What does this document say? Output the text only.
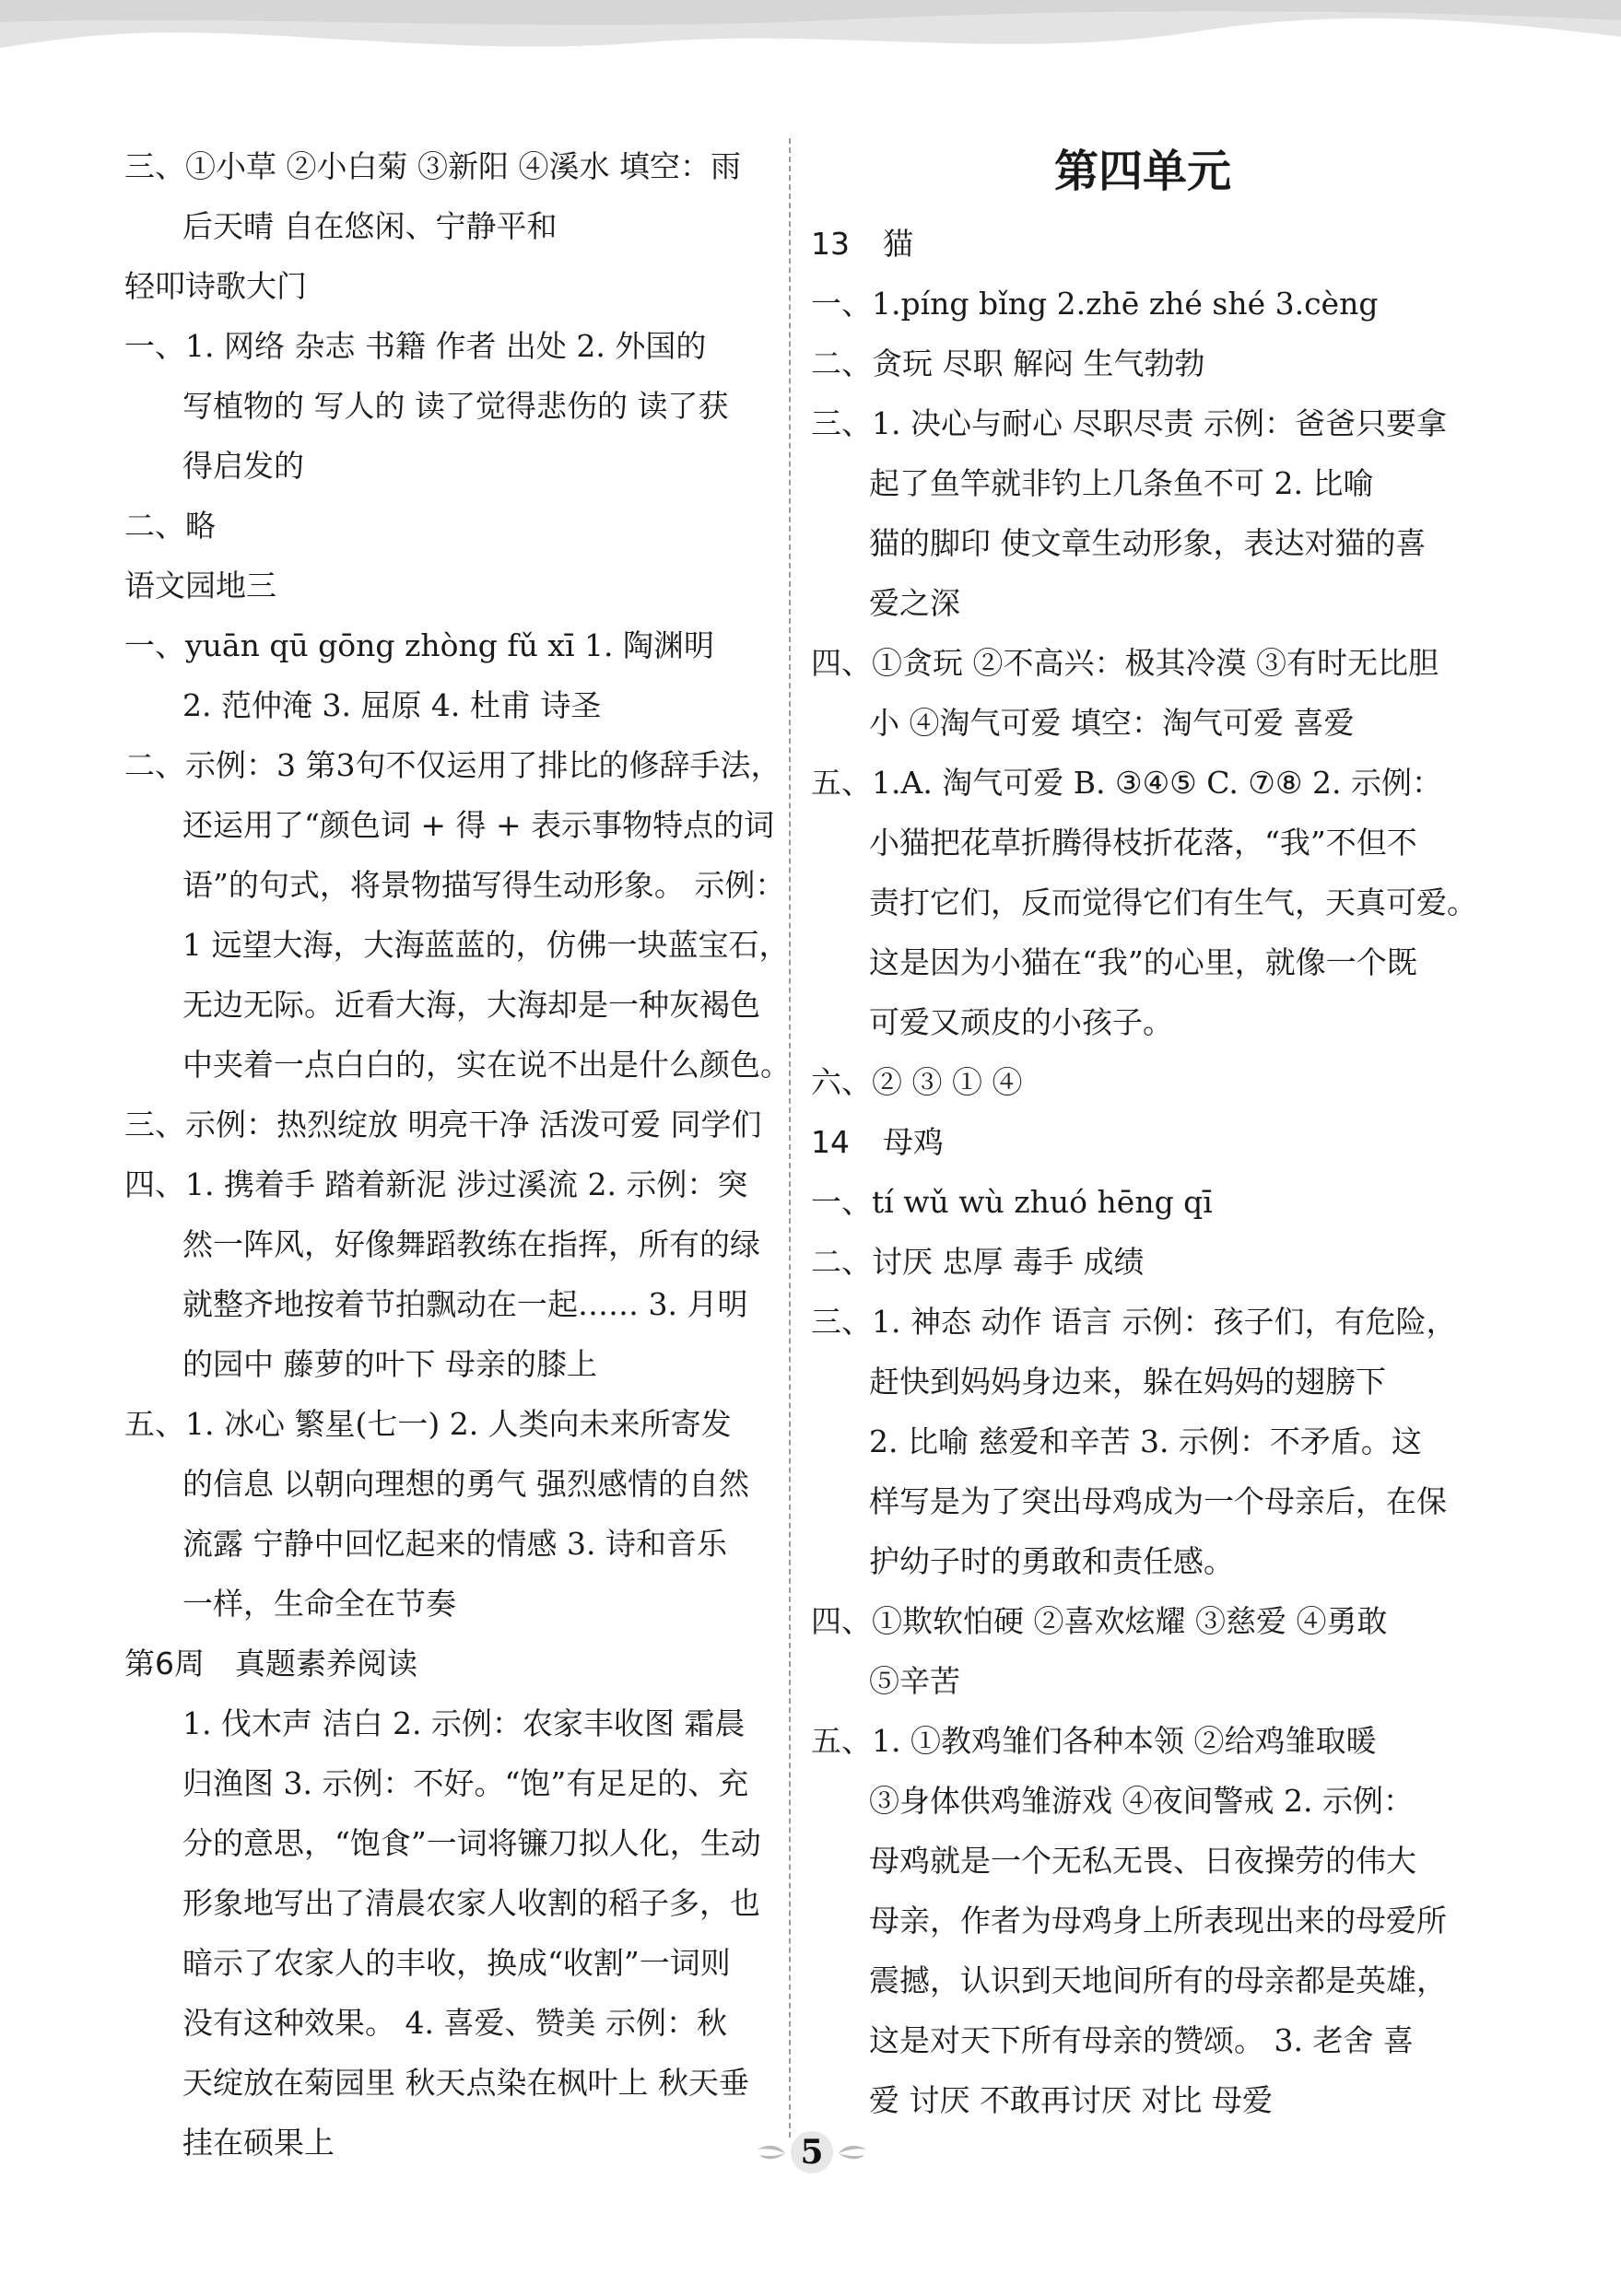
三、①小草 ②小白菊 ③新阳 ④溪水 填空：雨
后天晴 自在悠闲、宁静平和
轻叩诗歌大门
一、1. 网络 杂志 书籍 作者 出处 2. 外国的
写植物的 写人的 读了觉得悲伤的 读了获
得启发的
二、略
语文园地三
一、yuān qū gōng zhòng fǔ xī 1. 陶渊明
2. 范仲淹 3. 屈原 4. 杜甫 诗圣
二、示例：3 第3句不仅运用了排比的修辞手法，
还运用了“颜色词 + 得 + 表示事物特点的词
语”的句式，将景物描写得生动形象。 示例：
1 远望大海，大海蓝蓝的，仿佛一块蓝宝石，
无边无际。近看大海，大海却是一种灰褐色
中夹着一点白白的，实在说不出是什么颜色。
三、示例：热烈绽放 明亮干净 活泼可爱 同学们
四、1. 携着手 踏着新泥 涉过溪流 2. 示例：突
然一阵风，好像舞蹈教练在指挥，所有的绿
就整齐地按着节拍飘动在一起…… 3. 月明
的园中 藤萝的叶下 母亲的膝上
五、1. 冰心 繁星(七一) 2. 人类向未来所寄发
的信息 以朝向理想的勇气 强烈感情的自然
流露 宁静中回忆起来的情感 3. 诗和音乐
一样，生命全在节奏
第6周　真题素养阅读
1. 伐木声 洁白 2. 示例：农家丰收图 霜晨
归渔图 3. 示例：不好。“饱”有足足的、充
分的意思，“饱食”一词将镰刀拟人化，生动
形象地写出了清晨农家人收割的稻子多，也
暗示了农家人的丰收，换成“收割”一词则
没有这种效果。 4. 喜爱、赞美 示例：秋
天绽放在菊园里 秋天点染在枫叶上 秋天垂
挂在硕果上
第四单元
13 猫
一、1.píng bǐng 2.zhē zhé shé 3.cèng
二、贪玩 尽职 解闷 生气勃勃
三、1. 决心与耐心 尽职尽责 示例：爸爸只要拿
起了鱼竿就非钓上几条鱼不可 2. 比喻
猫的脚印 使文章生动形象，表达对猫的喜
爱之深
四、①贪玩 ②不高兴：极其冷漠 ③有时无比胆
小 ④淘气可爱 填空：淘气可爱 喜爱
五、1.A. 淘气可爱 B. ③④⑤ C. ⑦⑧ 2. 示例：
小猫把花草折腾得枝折花落，“我”不但不
责打它们，反而觉得它们有生气，天真可爱。
这是因为小猫在“我”的心里，就像一个既
可爱又顽皮的小孩子。
六、② ③ ① ④
14 母鸡
一、tí wǔ wù zhuó hēng qī
二、讨厌 忠厚 毒手 成绩
三、1. 神态 动作 语言 示例：孩子们，有危险，
赶快到妈妈身边来，躲在妈妈的翅膀下
2. 比喻 慈爱和辛苦 3. 示例：不矛盾。这
样写是为了突出母鸡成为一个母亲后，在保
护幼子时的勇敢和责任感。
四、①欺软怕硬 ②喜欢炫耀 ③慈爱 ④勇敢
⑤辛苦
五、1. ①教鸡雏们各种本领 ②给鸡雏取暖
③身体供鸡雏游戏 ④夜间警戒 2. 示例：
母鸡就是一个无私无畏、日夜操劳的伟大
母亲，作者为母鸡身上所表现出来的母爱所
震撼，认识到天地间所有的母亲都是英雄，
这是对天下所有母亲的赞颂。 3. 老舍 喜
爱 讨厌 不敢再讨厌 对比 母爱
5
